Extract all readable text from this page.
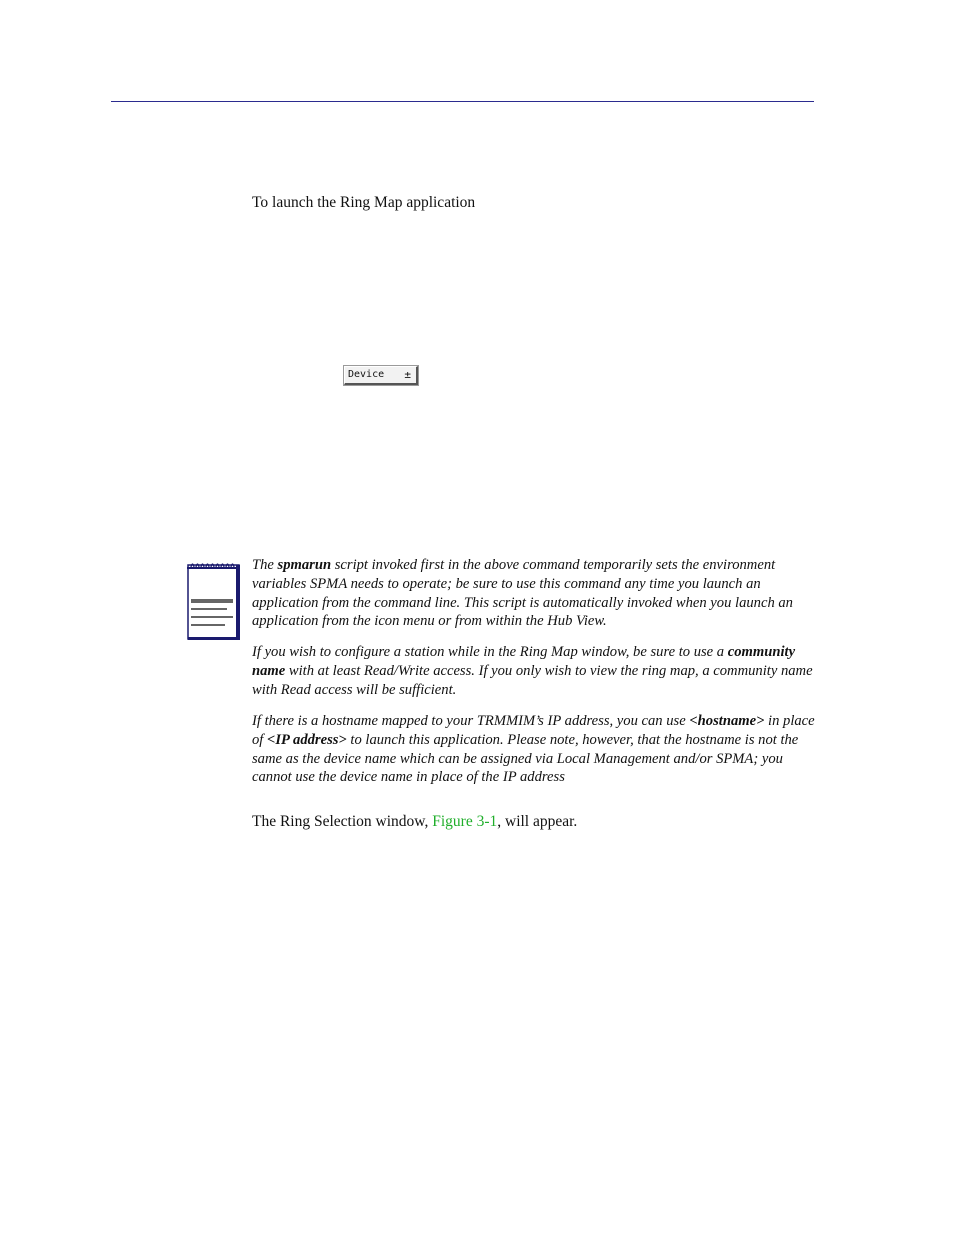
To launch the Ring Map application

Device ±

The spmarun script invoked first in the above command temporarily sets the environment variables SPMA needs to operate; be sure to use this command any time you launch an application from the command line. This script is automatically invoked when you launch an application from the icon menu or from within the Hub View.

If you wish to configure a station while in the Ring Map window, be sure to use a community name with at least Read/Write access. If you only wish to view the ring map, a community name with Read access will be sufficient.

If there is a hostname mapped to your TRMMIM’s IP address, you can use <hostname> in place of <IP address> to launch this application. Please note, however, that the hostname is not the same as the device name which can be assigned via Local Management and/or SPMA; you cannot use the device name in place of the IP address

The Ring Selection window, Figure 3-1, will appear.
